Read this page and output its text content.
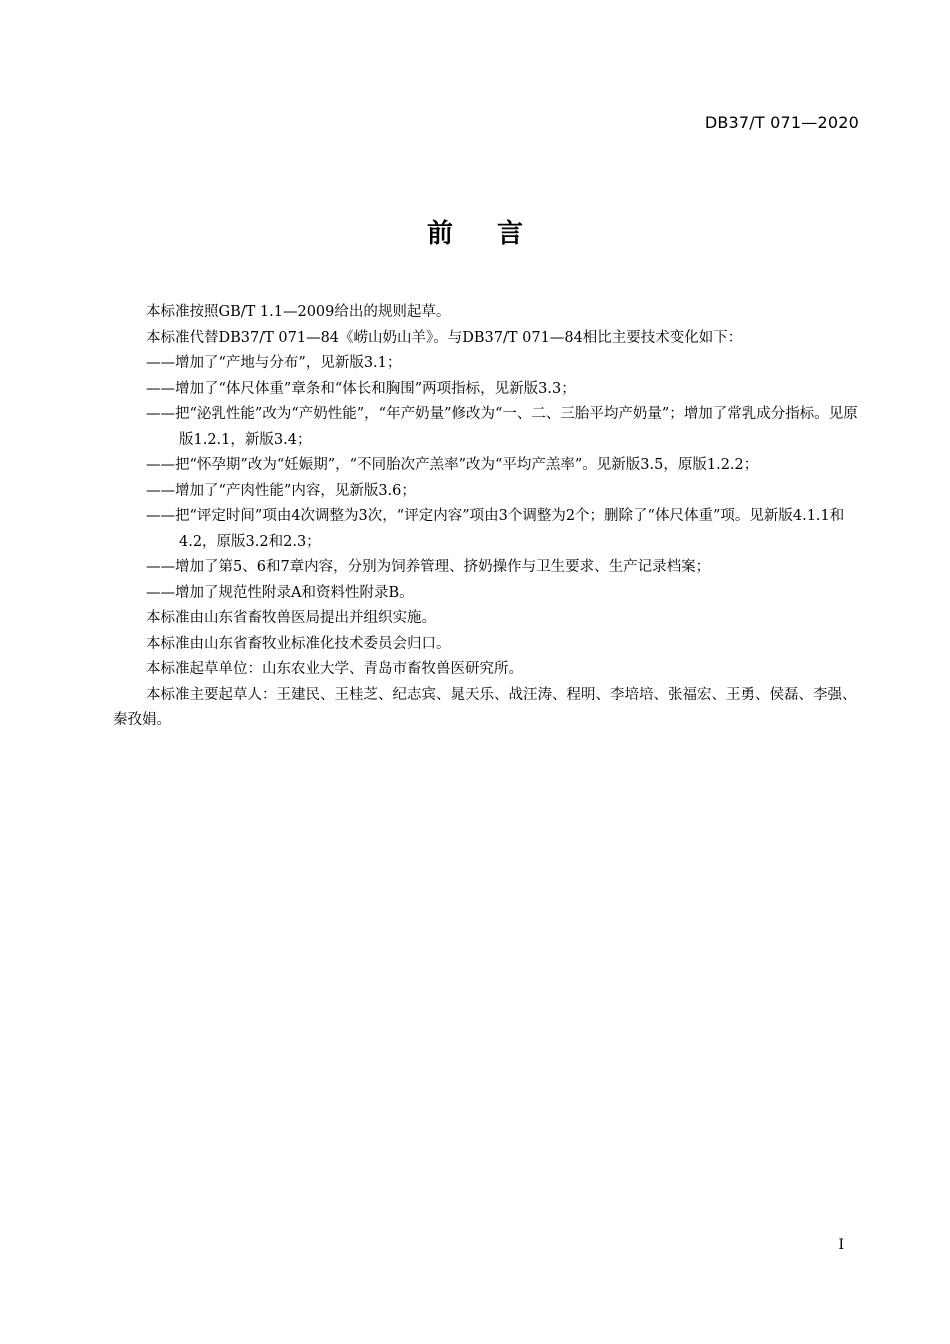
DB37/T 071—2020
前言

本标准按照GB/T 1.1—2009给出的规则起草。

本标准代替DB37/T 071—84《崂山奶山羊》。与DB37/T 071—84相比主要技术变化如下：

——增加了“产地与分布”，见新版3.1；

——增加了“体尺体重”章条和“体长和胸围”两项指标，见新版3.3；

——把“泌乳性能”改为“产奶性能”，“年产奶量”修改为“一、二、三胎平均产奶量”；增加了常乳成分指标。见原版1.2.1，新版3.4；

——把“怀孕期”改为“妊娠期”，“不同胎次产羔率”改为“平均产羔率”。见新版3.5，原版1.2.2；

——增加了“产肉性能”内容，见新版3.6；

——把“评定时间”项由4次调整为3次，“评定内容”项由3个调整为2个；删除了“体尺体重”项。见新版4.1.1和4.2，原版3.2和2.3；

——增加了第5、6和7章内容，分别为饲养管理、挤奶操作与卫生要求、生产记录档案；

——增加了规范性附录A和资料性附录B。

本标准由山东省畜牧兽医局提出并组织实施。

本标准由山东省畜牧业标准化技术委员会归口。

本标准起草单位：山东农业大学、青岛市畜牧兽医研究所。

本标准主要起草人：王建民、王桂芝、纪志宾、晁天乐、战汪涛、程明、李培培、张福宏、王勇、侯磊、李强、秦孜娟。

I
